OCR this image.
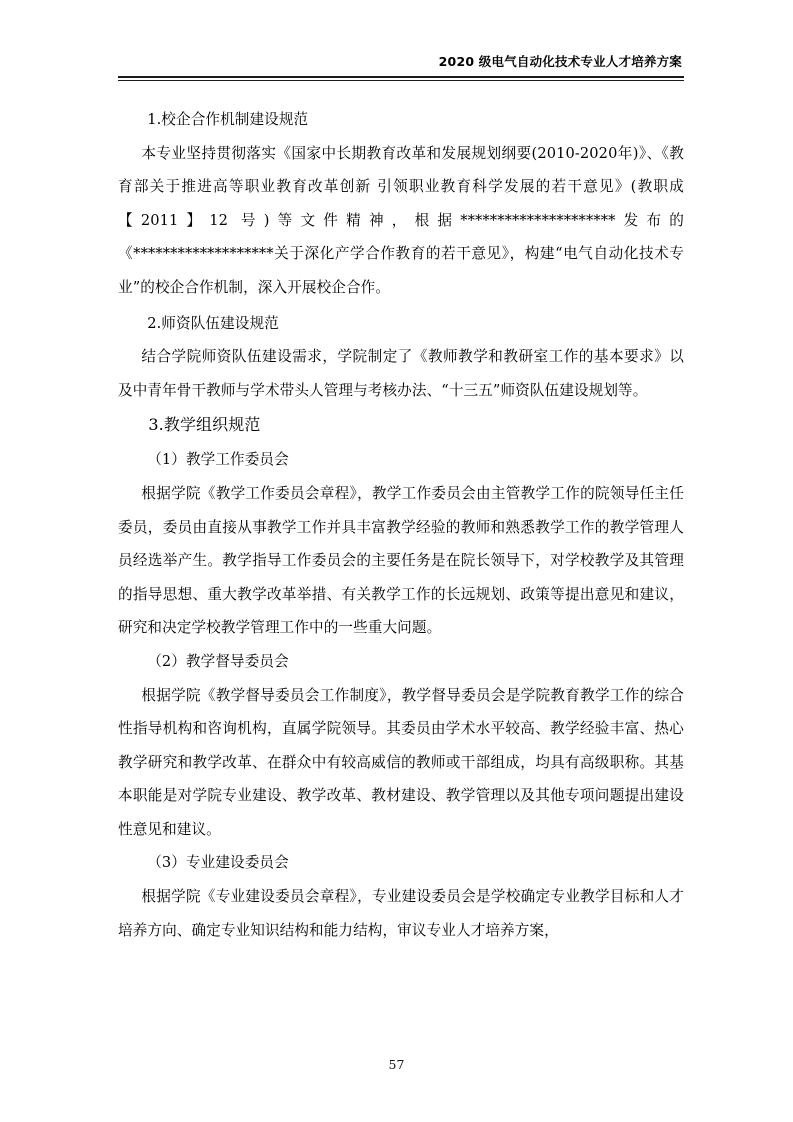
2020 级电气自动化技术专业人才培养方案

1.校企合作机制建设规范

本专业坚持贯彻落实《国家中长期教育改革和发展规划纲要(2010-2020年)》、《教育部关于推进高等职业教育改革创新 引领职业教育科学发展的若干意见》(教职成【2011】12 号)等文件精神，根据*********************发布的《*******************关于深化产学合作教育的若干意见》，构建“电气自动化技术专业”的校企合作机制，深入开展校企合作。

2.师资队伍建设规范

结合学院师资队伍建设需求，学院制定了《教师教学和教研室工作的基本要求》以及中青年骨干教师与学术带头人管理与考核办法、“十三五”师资队伍建设规划等。

3.教学组织规范

（1）教学工作委员会

根据学院《教学工作委员会章程》，教学工作委员会由主管教学工作的院领导任主任委员，委员由直接从事教学工作并具丰富教学经验的教师和熟悉教学工作的教学管理人员经选举产生。教学指导工作委员会的主要任务是在院长领导下，对学校教学及其管理的指导思想、重大教学改革举措、有关教学工作的长远规划、政策等提出意见和建议，研究和决定学校教学管理工作中的一些重大问题。

（2）教学督导委员会

根据学院《教学督导委员会工作制度》，教学督导委员会是学院教育教学工作的综合性指导机构和咨询机构，直属学院领导。其委员由学术水平较高、教学经验丰富、热心教学研究和教学改革、在群众中有较高威信的教师或干部组成，均具有高级职称。其基本职能是对学院专业建设、教学改革、教材建设、教学管理以及其他专项问题提出建设性意见和建议。

（3）专业建设委员会

根据学院《专业建设委员会章程》，专业建设委员会是学校确定专业教学目标和人才培养方向、确定专业知识结构和能力结构，审议专业人才培养方案，

57
